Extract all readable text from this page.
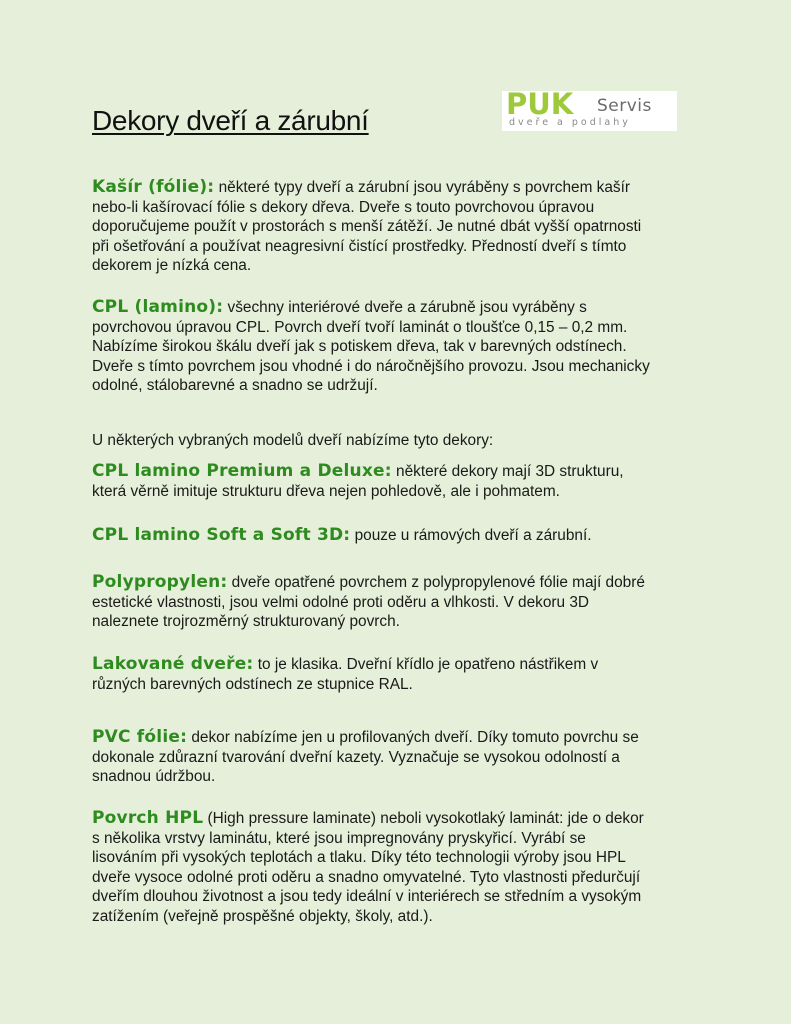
Dekory dveří a zárubní	PUK Servis
dveře a podlahy
Kašír (fólie): některé typy dveří a zárubní jsou vyráběny s povrchem kašír
nebo-li kašírovací fólie s dekory dřeva. Dveře s touto povrchovou úpravou
doporučujeme použít v prostorách s menší zátěží. Je nutné dbát vyšší opatrnosti
při ošetřování a používat neagresivní čistící prostředky. Předností dveří s tímto
dekorem je nízká cena.
CPL (lamino): všechny interiérové dveře a zárubně jsou vyráběny s
povrchovou úpravou CPL. Povrch dveří tvoří laminát o tloušťce 0,15 – 0,2 mm.
Nabízíme širokou škálu dveří jak s potiskem dřeva, tak v barevných odstínech.
Dveře s tímto povrchem jsou vhodné i do náročnějšího provozu. Jsou mechanicky
odolné, stálobarevné a snadno se udržují.
U některých vybraných modelů dveří nabízíme tyto dekory:
CPL lamino Premium a Deluxe: některé dekory mají 3D strukturu,
která věrně imituje strukturu dřeva nejen pohledově, ale i pohmatem.
CPL lamino Soft a Soft 3D: pouze u rámových dveří a zárubní.
Polypropylen: dveře opatřené povrchem z polypropylenové fólie mají dobré
estetické vlastnosti, jsou velmi odolné proti oděru a vlhkosti. V dekoru 3D
naleznete trojrozměrný strukturovaný povrch.
Lakované dveře: to je klasika. Dveřní křídlo je opatřeno nástřikem v
různých barevných odstínech ze stupnice RAL.
PVC fólie: dekor nabízíme jen u profilovaných dveří. Díky tomuto povrchu se
dokonale zdůrazní tvarování dveřní kazety. Vyznačuje se vysokou odolností a
snadnou údržbou.
Povrch HPL (High pressure laminate) neboli vysokotlaký laminát: jde o dekor
s několika vrstvy laminátu, které jsou impregnovány pryskyřicí. Vyrábí se
lisováním při vysokých teplotách a tlaku. Díky této technologii výroby jsou HPL
dveře vysoce odolné proti oděru a snadno omyvatelné. Tyto vlastnosti předurčují
dveřím dlouhou životnost a jsou tedy ideální v interiérech se středním a vysokým
zatížením (veřejně prospěšné objekty, školy, atd.).
